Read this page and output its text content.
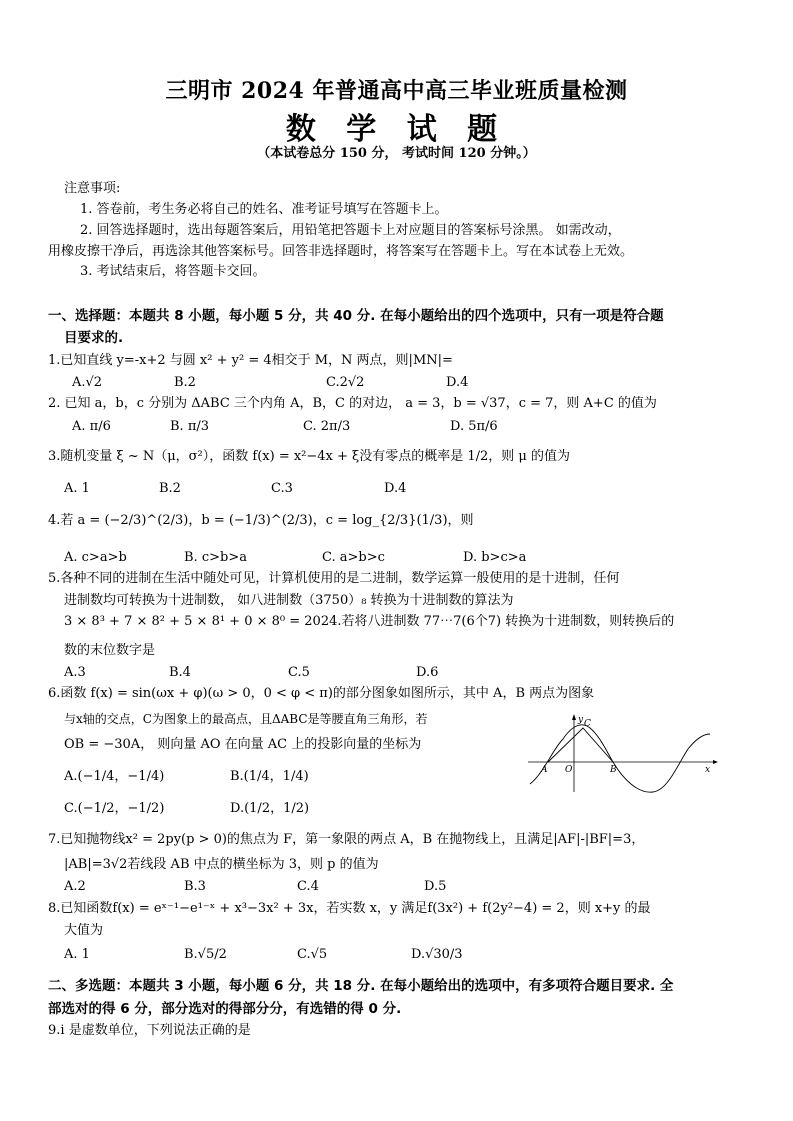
三明市 2024 年普通高中高三毕业班质量检测
数 学 试 题
（本试卷总分 150 分， 考试时间 120 分钟。）
注意事项:
1. 答卷前，考生务必将自己的姓名、准考证号填写在答题卡上。
2. 回答选择题时，选出每题答案后，用铅笔把答题卡上对应题目的答案标号涂黑。 如需改动，
用橡皮擦干净后，再选涂其他答案标号。回答非选择题时，将答案写在答题卡上。写在本试卷上无效。
3. 考试结束后，将答题卡交回。
一、选择题：本题共 8 小题，每小题 5 分，共 40 分. 在每小题给出的四个选项中，只有一项是符合题
目要求的.
1.已知直线 y=-x+2 与圆 x² + y² = 4相交于 M，N 两点，则|MN|=
A.√2	B.2	C.2√2	D.4
2. 已知 a，b，c 分别为 ΔABC 三个内角 A，B，C 的对边， a = 3，b = √37，c = 7，则 A+C 的值为
A. π/6	B. π/3	C. 2π/3	D. 5π/6
3.随机变量 ξ ~ N（μ，σ²），函数 f(x) = x²−4x + ξ没有零点的概率是 1/2，则 μ 的值为
A. 1	B.2	C.3	D.4
4.若 a = (−2/3)^(2/3)，b = (−1/3)^(2/3)，c = log_{2/3}(1/3)，则
A. c>a>b	B. c>b>a	C. a>b>c	D. b>c>a
5.各种不同的进制在生活中随处可见，计算机使用的是二进制，数学运算一般使用的是十进制，任何
进制数均可转换为十进制数， 如八进制数（3750）₈ 转换为十进制数的算法为
3 × 8³ + 7 × 8² + 5 × 8¹ + 0 × 8⁰ = 2024.若将八进制数 77⋯7(6个7) 转换为十进制数，则转换后的
数的末位数字是
A.3	B.4	C.5	D.6
6.函数 f(x) = sin(ωx + φ)(ω > 0，0 < φ < π)的部分图象如图所示，其中 A，B 两点为图象
与x轴的交点，C为图象上的最高点，且ΔABC是等腰直角三角形，若
OB = −30A， 则向量 AO 在向量 AC 上的投影向量的坐标为
A.(−1/4，−1/4)	B.(1/4，1/4)
C.(−1/2，−1/2)	D.(1/2，1/2)
A O	B
C
x
y
7.已知抛物线x² = 2py(p > 0)的焦点为 F，第一象限的两点 A，B 在抛物线上，且满足|AF|-|BF|=3，
|AB|=3√2若线段 AB 中点的横坐标为 3，则 p 的值为
A.2	B.3	C.4	D.5
8.已知函数f(x) = eˣ⁻¹−e¹⁻ˣ + x³−3x² + 3x，若实数 x，y 满足f(3x²) + f(2y²−4) = 2，则 x+y 的最
大值为
A. 1	B.√5/2	C.√5	D.√30/3
二、多选题：本题共 3 小题，每小题 6 分，共 18 分. 在每小题给出的选项中，有多项符合题目要求. 全
部选对的得 6 分，部分选对的得部分分，有选错的得 0 分.
9.i 是虚数单位，下列说法正确的是
